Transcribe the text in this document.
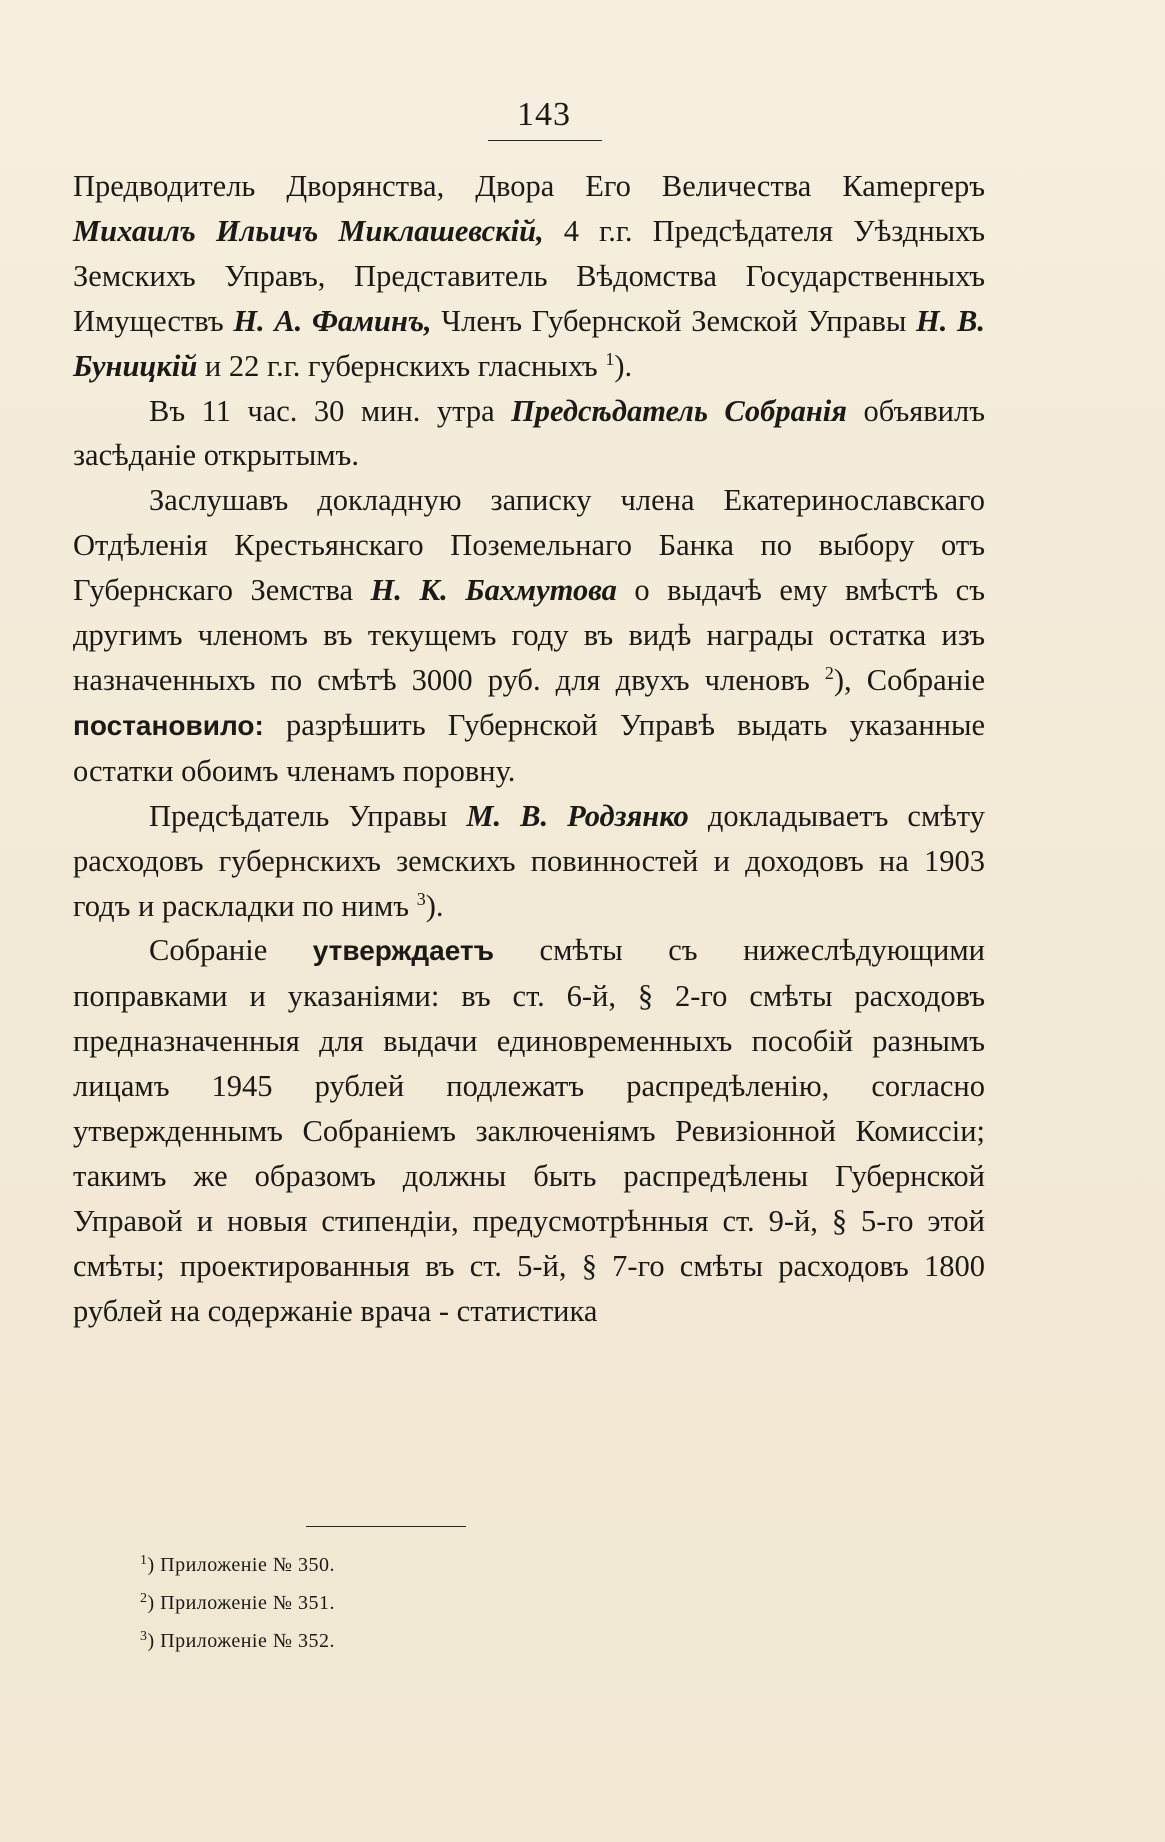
143

Предводитель Дворянства, Двора Его Величества Каmергеръ Михаилъ Ильичъ Миклашевскій, 4 г.г. Предсѣдателя Уѣздныхъ Земскихъ Управъ, Представитель Вѣдомства Государственныхъ Имуществъ Н. А. Фаминъ, Членъ Губернской Земской Управы Н. В. Буницкій и 22 г.г. губернскихъ гласныхъ $^1$).

Въ 11 час. 30 мин. утра Предсѣдатель Собранія объявилъ засѣданіе открытымъ.

Заслушавъ докладную записку члена Екатеринославскаго Отдѣленія Крестьянскаго Поземельнаго Банка по выбору отъ Губернскаго Земства Н. К. Бахмутова о выдачѣ ему вмѣстѣ съ другимъ членомъ въ текущемъ году въ видѣ награды остатка изъ назначенныхъ по смѣтѣ 3000 руб. для двухъ членовъ $^2$), Собраніе постановило: разрѣшить Губернской Управѣ выдать указанные остатки обоимъ членамъ поровну.

Предсѣдатель Управы М. В. Родзянко докладываетъ смѣту расходовъ губернскихъ земскихъ повинностей и доходовъ на 1903 годъ и раскладки по нимъ $^3$).

Собраніе утверждаетъ смѣты съ нижеслѣдующими поправками и указаніями: въ ст. 6-й, § 2-го смѣты расходовъ предназначенныя для выдачи единовременныхъ пособій разнымъ лицамъ 1945 рублей подлежатъ распредѣленію, согласно утвержденнымъ Собраніемъ заключеніямъ Ревизіонной Комиссіи; такимъ же образомъ должны быть распредѣлены Губернской Управой и новыя стипендіи, предусмотрѣнныя ст. 9-й, § 5-го этой смѣты; проектированныя въ ст. 5-й, § 7-го смѣты расходовъ 1800 рублей на содержаніе врача - статистика

$^1$) Приложеніе № 350.
$^2$) Приложеніе № 351.
$^3$) Приложеніе № 352.
